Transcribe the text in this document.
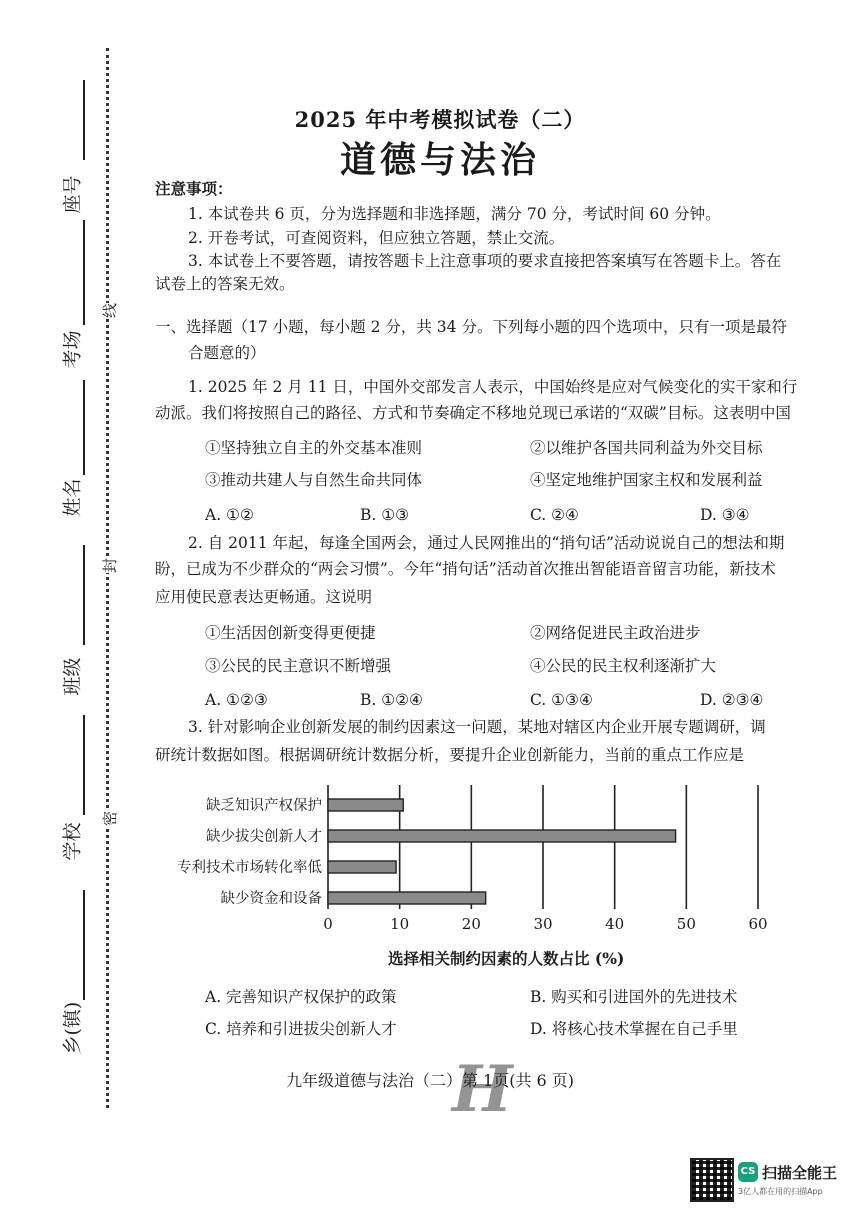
座号
考场
姓名
班级
学校
乡(镇)
线
封
密
2025 年中考模拟试卷（二）
道德与法治
注意事项：
1. 本试卷共 6 页，分为选择题和非选择题，满分 70 分，考试时间 60 分钟。
2. 开卷考试，可查阅资料，但应独立答题，禁止交流。
3. 本试卷上不要答题，请按答题卡上注意事项的要求直接把答案填写在答题卡上。答在
试卷上的答案无效。
一、选择题（17 小题，每小题 2 分，共 34 分。下列每小题的四个选项中，只有一项是最符
合题意的）
1. 2025 年 2 月 11 日，中国外交部发言人表示，中国始终是应对气候变化的实干家和行
动派。我们将按照自己的路径、方式和节奏确定不移地兑现已承诺的“双碳”目标。这表明中国
①坚持独立自主的外交基本准则	②以维护各国共同利益为外交目标
③推动共建人与自然生命共同体	④坚定地维护国家主权和发展利益
A. ①②	B. ①③	C. ②④	D. ③④
2. 自 2011 年起，每逢全国两会，通过人民网推出的“捎句话”活动说说自己的想法和期
盼，已成为不少群众的“两会习惯”。今年“捎句话”活动首次推出智能语音留言功能，新技术
应用使民意表达更畅通。这说明
①生活因创新变得更便捷	②网络促进民主政治进步
③公民的民主意识不断增强	④公民的民主权利逐渐扩大
A. ①②③	B. ①②④	C. ①③④	D. ②③④
3. 针对影响企业创新发展的制约因素这一问题，某地对辖区内企业开展专题调研，调
研统计数据如图。根据调研统计数据分析，要提升企业创新能力，当前的重点工作应是
0	10	20	30	40	50	60
缺乏知识产权保护
缺少拔尖创新人才
专利技术市场转化率低
缺少资金和设备
选择相关制约因素的人数占比 (%)
A. 完善知识产权保护的政策	B. 购买和引进国外的先进技术
C. 培养和引进拔尖创新人才	D. 将核心技术掌握在自己手里
H
九年级道德与法治（二）第 1页(共 6 页)
CS 扫描全能王
3亿人都在用的扫描App
